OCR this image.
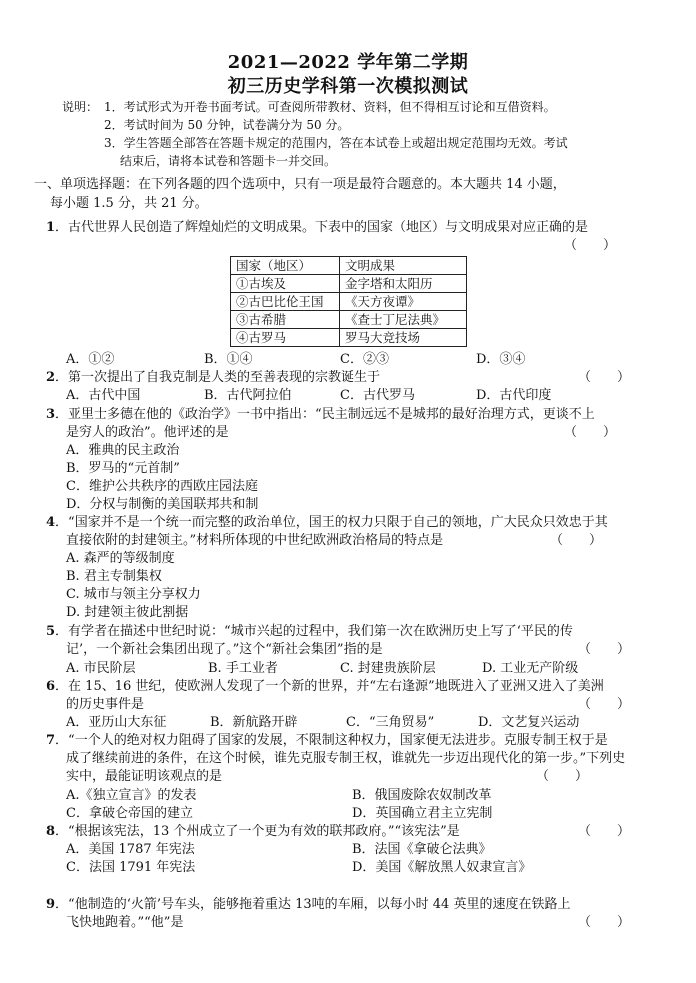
2021—2022 学年第二学期
初三历史学科第一次模拟测试
说明： 1．考试形式为开卷书面考试。可查阅所带教材、资料，但不得相互讨论和互借资料。
2．考试时间为 50 分钟，试卷满分为 50 分。
3．学生答题全部答在答题卡规定的范围内，答在本试卷上或超出规定范围均无效。考试
结束后，请将本试卷和答题卡一并交回。
一、单项选择题：在下列各题的四个选项中，只有一项是最符合题意的。本大题共 14 小题，
每小题 1.5 分，共 21 分。
1．古代世界人民创造了辉煌灿烂的文明成果。下表中的国家（地区）与文明成果对应正确的是
（　　）
国家（地区）	文明成果
①古埃及	金字塔和太阳历
②古巴比伦王国	《天方夜谭》
③古希腊	《查士丁尼法典》
④古罗马	罗马大竞技场
A．①②	B．①④	C．②③	D．③④
2．第一次提出了自我克制是人类的至善表现的宗教诞生于	（　　）
A．古代中国	B．古代阿拉伯	C．古代罗马	D．古代印度
3．亚里士多德在他的《政治学》一书中指出：“民主制远远不是城邦的最好治理方式，更谈不上
是穷人的政治”。他评述的是	（　　）
A．雅典的民主政治
B．罗马的“元首制”
C．维护公共秩序的西欧庄园法庭
D．分权与制衡的美国联邦共和制
4．“国家并不是一个统一而完整的政治单位，国王的权力只限于自己的领地，广大民众只效忠于其
直接依附的封建领主。”材料所体现的中世纪欧洲政治格局的特点是	（　　）
A. 森严的等级制度
B. 君主专制集权
C. 城市与领主分享权力
D. 封建领主彼此割据
5．有学者在描述中世纪时说：“城市兴起的过程中，我们第一次在欧洲历史上写了‘平民的传
记’，一个新社会集团出现了。”这个“新社会集团”指的是	（　　）
A. 市民阶层	B. 手工业者	C. 封建贵族阶层	D. 工业无产阶级
6．在 15、16 世纪，使欧洲人发现了一个新的世界，并“左右逢源”地既进入了亚洲又进入了美洲
的历史事件是	（　　）
A．亚历山大东征	B．新航路开辟	C．“三角贸易”	D．文艺复兴运动
7．“一个人的绝对权力阻碍了国家的发展，不限制这种权力，国家便无法进步。克服专制王权于是
成了继续前进的条件，在这个时候，谁先克服专制王权，谁就先一步迈出现代化的第一步。”下列史
实中，最能证明该观点的是	（　　）
A.《独立宣言》的发表	B．俄国废除农奴制改革
C．拿破仑帝国的建立	D．英国确立君主立宪制
8．“根据该宪法，13 个州成立了一个更为有效的联邦政府。”“该宪法”是	（　　）
A．美国 1787 年宪法	B．法国《拿破仑法典》
C．法国 1791 年宪法	D．美国《解放黑人奴隶宣言》
9．“他制造的‘火箭’号车头，能够拖着重达 13吨的车厢，以每小时 44 英里的速度在铁路上
飞快地跑着。”“他”是	（　　）
